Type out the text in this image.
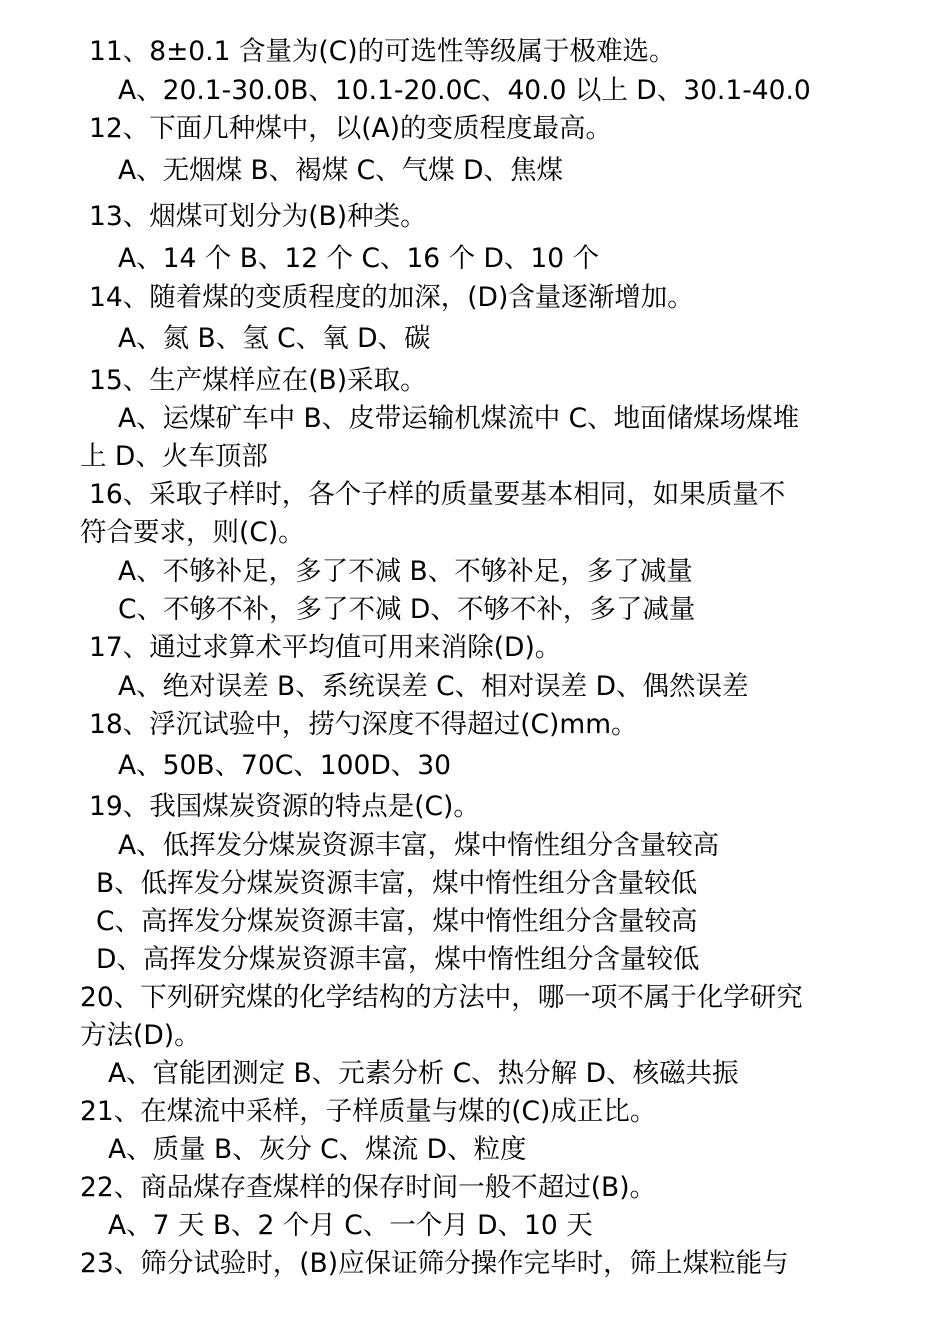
11、8±0.1 含量为(C)的可选性等级属于极难选。
A、20.1-30.0B、10.1-20.0C、40.0 以上 D、30.1-40.0
12、下面几种煤中，以(A)的变质程度最高。
A、无烟煤 B、褐煤 C、气煤 D、焦煤
13、烟煤可划分为(B)种类。
A、14 个 B、12 个 C、16 个 D、10 个
14、随着煤的变质程度的加深，(D)含量逐渐增加。
A、氮 B、氢 C、氧 D、碳
15、生产煤样应在(B)采取。
A、运煤矿车中 B、皮带运输机煤流中 C、地面储煤场煤堆
上 D、火车顶部
16、采取子样时，各个子样的质量要基本相同，如果质量不
符合要求，则(C)。
A、不够补足，多了不减 B、不够补足，多了减量
C、不够不补，多了不减 D、不够不补，多了减量
17、通过求算术平均值可用来消除(D)。
A、绝对误差 B、系统误差 C、相对误差 D、偶然误差
18、浮沉试验中，捞勺深度不得超过(C)mm。
A、50B、70C、100D、30
19、我国煤炭资源的特点是(C)。
A、低挥发分煤炭资源丰富，煤中惰性组分含量较高
B、低挥发分煤炭资源丰富，煤中惰性组分含量较低
C、高挥发分煤炭资源丰富，煤中惰性组分含量较高
D、高挥发分煤炭资源丰富，煤中惰性组分含量较低
20、下列研究煤的化学结构的方法中，哪一项不属于化学研究
方法(D)。
A、官能团测定 B、元素分析 C、热分解 D、核磁共振
21、在煤流中采样，子样质量与煤的(C)成正比。
A、质量 B、灰分 C、煤流 D、粒度
22、商品煤存查煤样的保存时间一般不超过(B)。
A、7 天 B、2 个月 C、一个月 D、10 天
23、筛分试验时，(B)应保证筛分操作完毕时，筛上煤粒能与
